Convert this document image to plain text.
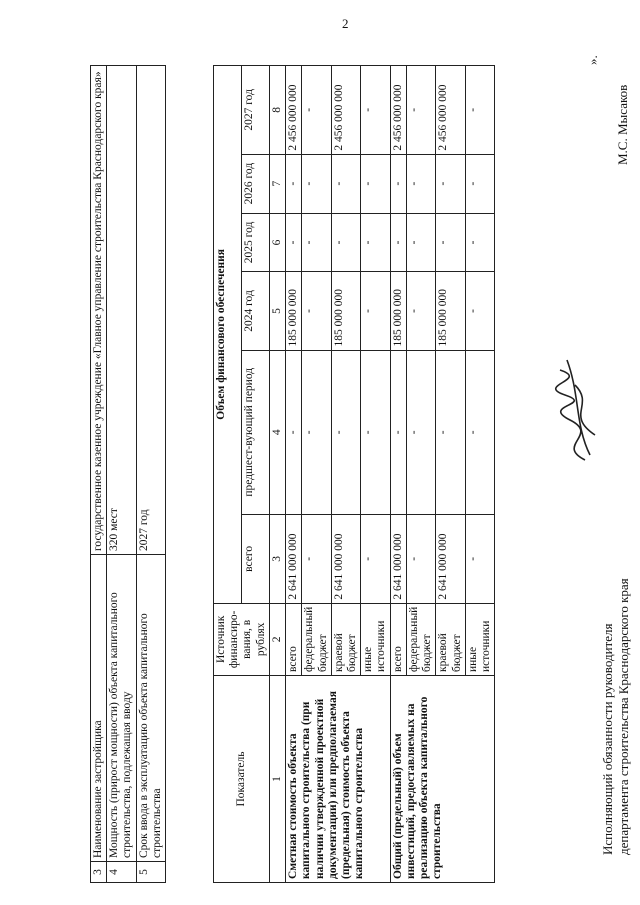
2
3	Наименование застройщика	государственное казенное учреждение «Главное управление строительства Краснодарского края»
4	Мощность (прирост мощности) объекта капитального строительства, подлежащая вводу	320 мест
5	Срок ввода в эксплуатацию объекта капитального строительства	2027 год
Показатель	Источник финансиро-вания, в рублях	Объем финансового обеспечения					
		всего	предшест-вующий период	2024 год	2025 год	2026 год	2027 год
1	2	3	4	5	6	7	8
Сметная стоимость объекта капитального строительства (при наличии утвержденной проектной документации) или предполагаемая (предельная) стоимость объекта капитального строительства	всего	2 641 000 000	-	185 000 000	-	-	2 456 000 000
	федеральный бюджет	-	-	-	-	-	-
	краевой бюджет	2 641 000 000	-	185 000 000	-	-	2 456 000 000
	иные источники	-	-	-	-	-	-
Общий (предельный) объем инвестиций, предоставляемых на реализацию объекта капитального строительства	всего	2 641 000 000	-	185 000 000	-	-	2 456 000 000
	федеральный бюджет	-	-	-	-	-	-
	краевой бюджет	2 641 000 000	-	185 000 000	-	-	2 456 000 000
	иные источники	-	-	-	-	-	-
Исполняющий обязанности руководителя департамента строительства Краснодарского края
М.С. Мысаков
».
